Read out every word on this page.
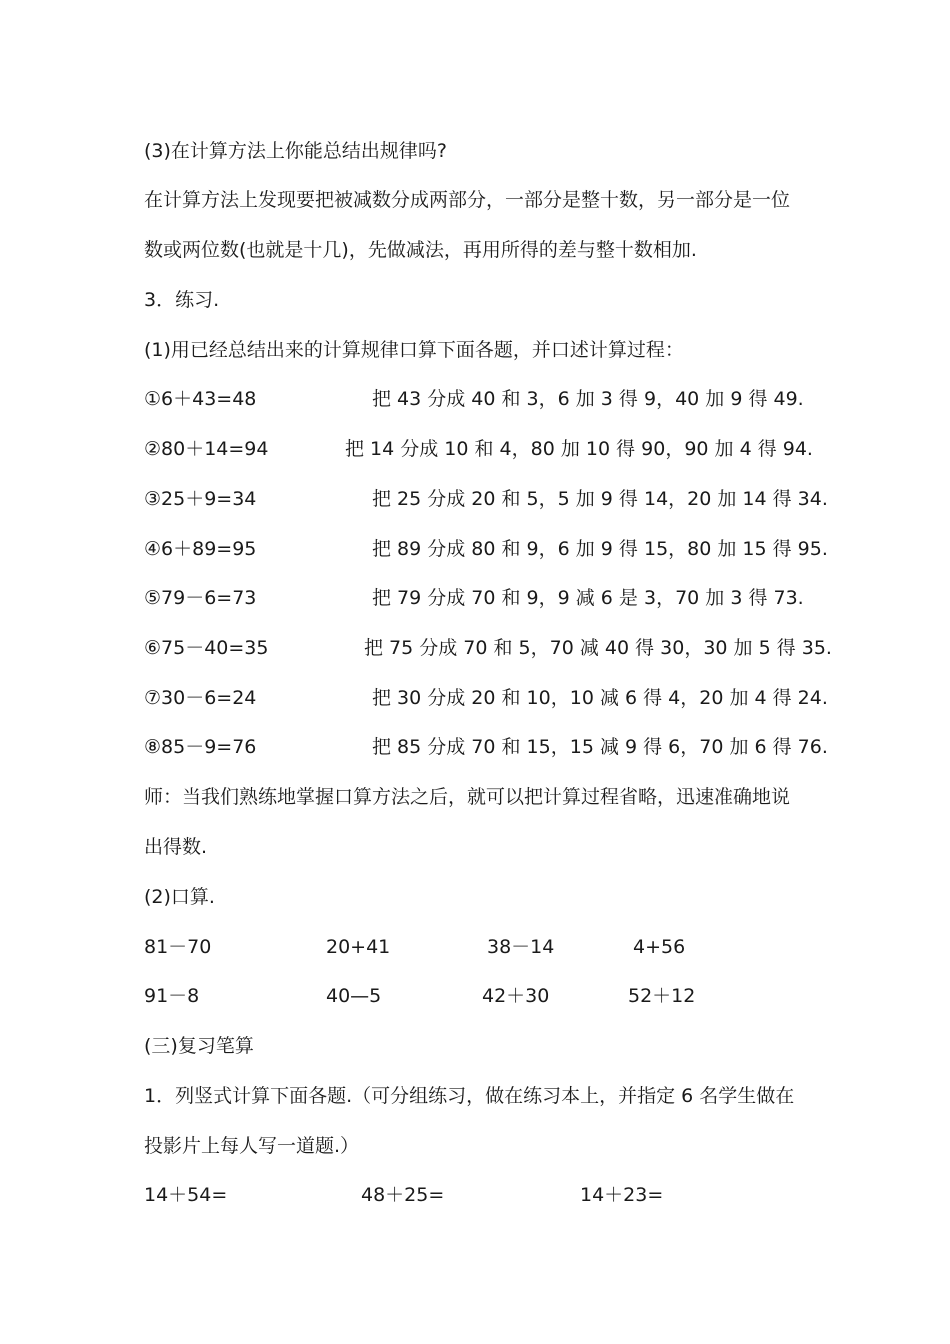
(3)在计算方法上你能总结出规律吗?
在计算方法上发现要把被减数分成两部分，一部分是整十数，另一部分是一位
数或两位数(也就是十几)，先做减法，再用所得的差与整十数相加.
3．练习.
(1)用已经总结出来的计算规律口算下面各题，并口述计算过程：
①6＋43=48	把 43 分成 40 和 3，6 加 3 得 9，40 加 9 得 49.
②80＋14=94	把 14 分成 10 和 4，80 加 10 得 90，90 加 4 得 94.
③25＋9=34	把 25 分成 20 和 5，5 加 9 得 14，20 加 14 得 34.
④6＋89=95	把 89 分成 80 和 9，6 加 9 得 15，80 加 15 得 95.
⑤79－6=73	把 79 分成 70 和 9，9 减 6 是 3，70 加 3 得 73.
⑥75－40=35	把 75 分成 70 和 5，70 减 40 得 30，30 加 5 得 35.
⑦30－6=24	把 30 分成 20 和 10，10 减 6 得 4，20 加 4 得 24.
⑧85－9=76	把 85 分成 70 和 15，15 减 9 得 6，70 加 6 得 76.
师：当我们熟练地掌握口算方法之后，就可以把计算过程省略，迅速准确地说
出得数.
(2)口算.
81－70	20+41	38－14	4+56
91－8	40—5	42＋30	52＋12
(三)复习笔算
1．列竖式计算下面各题.（可分组练习，做在练习本上，并指定 6 名学生做在
投影片上每人写一道题.）
14＋54=	48＋25=	14＋23=
